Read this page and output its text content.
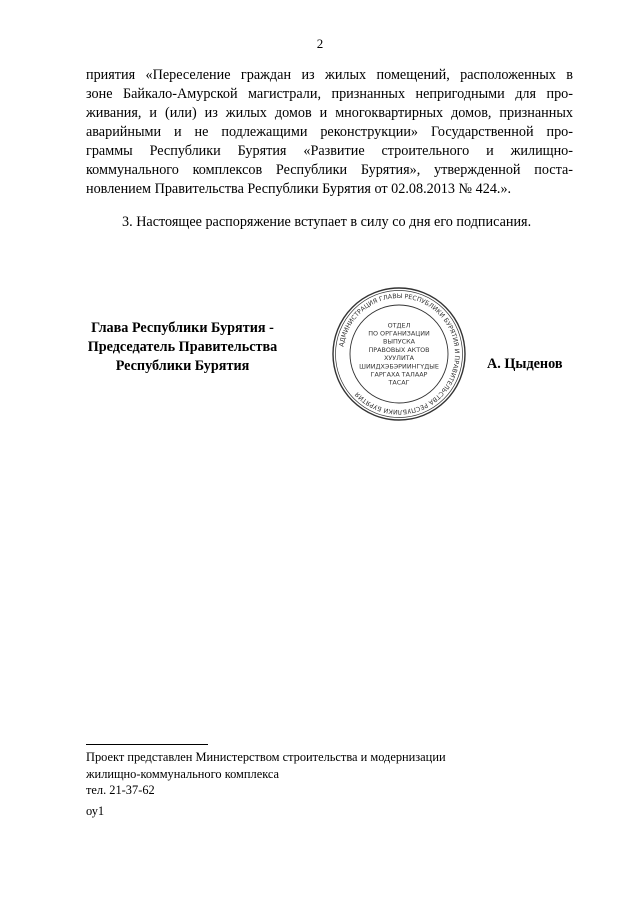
2
приятия «Переселение граждан из жилых помещений, расположенных в
зоне Байкало-Амурской магистрали, признанных непригодными для про-
живания, и (или) из жилых домов и многоквартирных домов, признанных
аварийными и не подлежащими реконструкции» Государственной про-
граммы Республики Бурятия «Развитие строительного и жилищно-
коммунального комплексов Республики Бурятия», утвержденной поста-
новлением Правительства Республики Бурятия от 02.08.2013 № 424.».
3. Настоящее распоряжение вступает в силу со дня его подписания.
Глава Республики Бурятия -
Председатель Правительства
Республики Бурятия
АДМИНИСТРАЦИЯ ГЛАВЫ РЕСПУБЛИКИ БУРЯТИЯ И ПРАВИТЕЛЬСТВА РЕСПУБЛИКИ БУРЯТИЯ
ОТДЕЛ
ПО ОРГАНИЗАЦИИ
ВЫПУСКА
ПРАВОВЫХ АКТОВ
ХУУЛИТА
ШИИДХЭБЭРИИНГҮДЫЕ
ГАРГАХА ТАЛААР
ТАСАГ
А. Цыденов
Проект представлен Министерством строительства и модернизации
жилищно-коммунального комплекса
тел. 21-37-62
оу1
